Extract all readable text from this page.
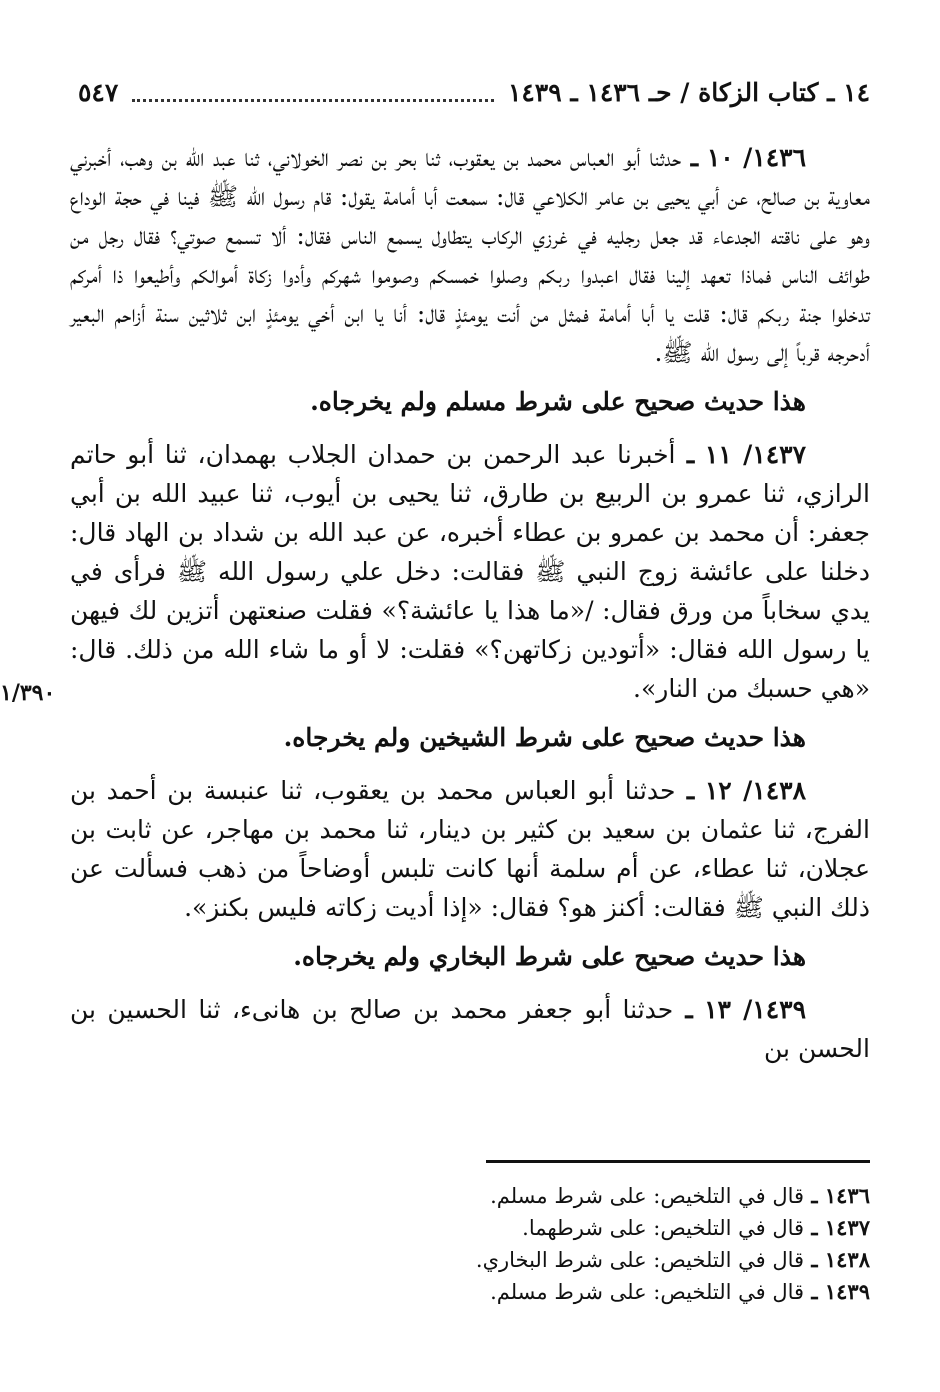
١٤ ـ كتاب الزكاة / حـ ١٤٣٦ ـ ١٤٣٩
٥٤٧
١/٣٩٠

١٤٣٦/ ١٠ ـ حدثنا أبو العباس محمد بن يعقوب، ثنا بحر بن نصر الخولاني، ثنا عبد الله بن وهب، أخبرني معاوية بن صالح، عن أبي يحيى بن عامر الكلاعي قال: سمعت أبا أمامة يقول: قام رسول الله ﷺ فينا في حجة الوداع وهو على ناقته الجدعاء قد جعل رجليه في غرزي الركاب يتطاول يسمع الناس فقال: ألا تسمع صوتي؟ فقال رجل من طوائف الناس فماذا تعهد إلينا فقال اعبدوا ربكم وصلوا خمسكم وصوموا شهركم وأدوا زكاة أموالكم وأطيعوا ذا أمركم تدخلوا جنة ربكم قال: قلت يا أبا أمامة فمثل من أنت يومئذٍ قال: أنا يا ابن أخي يومئذٍ ابن ثلاثين سنة أزاحم البعير أدحرجه قرباً إلى رسول الله ﷺ.

هذا حديث صحيح على شرط مسلم ولم يخرجاه.

١٤٣٧/ ١١ ـ أخبرنا عبد الرحمن بن حمدان الجلاب بهمدان، ثنا أبو حاتم الرازي، ثنا عمرو بن الربيع بن طارق، ثنا يحيى بن أيوب، ثنا عبيد الله بن أبي جعفر: أن محمد بن عمرو بن عطاء أخبره، عن عبد الله بن شداد بن الهاد قال: دخلنا على عائشة زوج النبي ﷺ فقالت: دخل علي رسول الله ﷺ فرأى في يدي سخاباً من ورق فقال: /«ما هذا يا عائشة؟» فقلت صنعتهن أتزين لك فيهن يا رسول الله فقال: «أتودين زكاتهن؟» فقلت: لا أو ما شاء الله من ذلك. قال: «هي حسبك من النار».

هذا حديث صحيح على شرط الشيخين ولم يخرجاه.

١٤٣٨/ ١٢ ـ حدثنا أبو العباس محمد بن يعقوب، ثنا عنبسة بن أحمد بن الفرج، ثنا عثمان بن سعيد بن كثير بن دينار، ثنا محمد بن مهاجر، عن ثابت بن عجلان، ثنا عطاء، عن أم سلمة أنها كانت تلبس أوضاحاً من ذهب فسألت عن ذلك النبي ﷺ فقالت: أكنز هو؟ فقال: «إذا أديت زكاته فليس بكنز».

هذا حديث صحيح على شرط البخاري ولم يخرجاه.

١٤٣٩/ ١٣ ـ حدثنا أبو جعفر محمد بن صالح بن هانىء، ثنا الحسين بن الحسن بن

١٤٣٦ ـ قال في التلخيص: على شرط مسلم.
١٤٣٧ ـ قال في التلخيص: على شرطهما.
١٤٣٨ ـ قال في التلخيص: على شرط البخاري.
١٤٣٩ ـ قال في التلخيص: على شرط مسلم.
